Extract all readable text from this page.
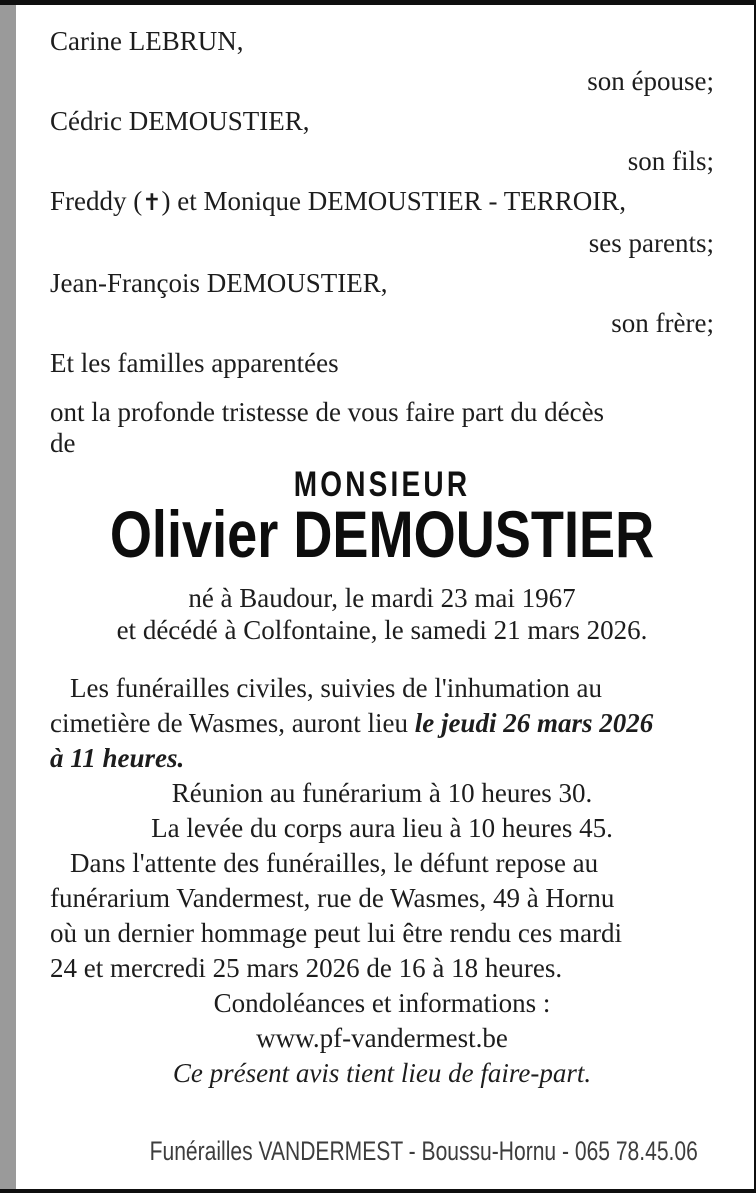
Carine LEBRUN,
son épouse;
Cédric DEMOUSTIER,
son fils;
Freddy (✝) et Monique DEMOUSTIER - TERROIR,
ses parents;
Jean-François DEMOUSTIER,
son frère;
Et les familles apparentées
ont la profonde tristesse de vous faire part du décès
de
MONSIEUR
Olivier DEMOUSTIER
né à Baudour, le mardi 23 mai 1967
et décédé à Colfontaine, le samedi 21 mars 2026.
Les funérailles civiles, suivies de l'inhumation au
cimetière de Wasmes, auront lieu le jeudi 26 mars 2026
à 11 heures.
Réunion au funérarium à 10 heures 30.
La levée du corps aura lieu à 10 heures 45.
Dans l'attente des funérailles, le défunt repose au
funérarium Vandermest, rue de Wasmes, 49 à Hornu
où un dernier hommage peut lui être rendu ces mardi
24 et mercredi 25 mars 2026 de 16 à 18 heures.
Condoléances et informations :
www.pf-vandermest.be
Ce présent avis tient lieu de faire-part.
Funérailles VANDERMEST - Boussu-Hornu - 065 78.45.06
